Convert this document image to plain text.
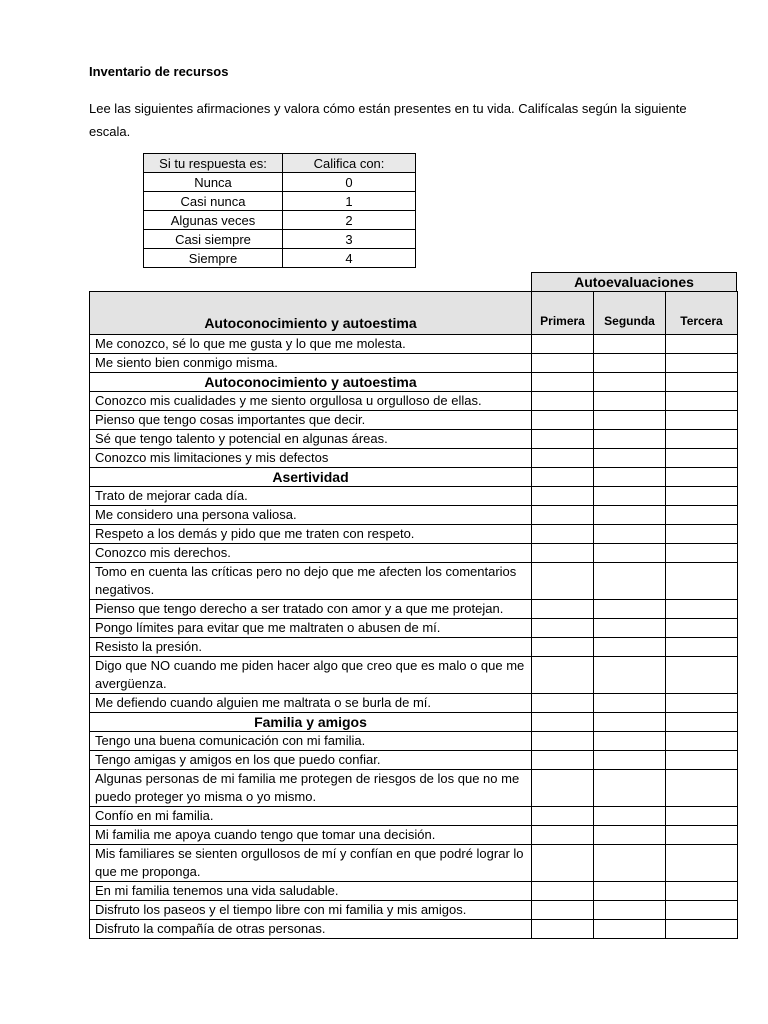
Inventario de recursos
Lee las siguientes afirmaciones y valora cómo están presentes en tu vida. Califícalas según la siguiente escala.
Si tu respuesta es:	Califica con:
Nunca	0
Casi nunca	1
Algunas veces	2
Casi siempre	3
Siempre	4
Autoevaluaciones
Autoconocimiento y autoestima	Primera	Segunda	Tercera
Me conozco, sé lo que me gusta y lo que me molesta.			
Me siento bien conmigo misma.			
Autoconocimiento y autoestima			
Conozco mis cualidades y me siento orgullosa u orgulloso de ellas.			
Pienso que tengo cosas importantes que decir.			
Sé que tengo talento y potencial en algunas áreas.			
Conozco mis limitaciones y mis defectos			
Asertividad			
Trato de mejorar cada día.			
Me considero una persona valiosa.			
Respeto a los demás y pido que me traten con respeto.			
Conozco mis derechos.			
Tomo en cuenta las críticas pero no dejo que me afecten los comentarios negativos.			
Pienso que tengo derecho a ser tratado con amor y a que me protejan.			
Pongo límites para evitar que me maltraten o abusen de mí.			
Resisto la presión.			
Digo que NO cuando me piden hacer algo que creo que es malo o que me avergüenza.			
Me defiendo cuando alguien me maltrata o se burla de mí.			
Familia y amigos			
Tengo una buena comunicación con mi familia.			
Tengo amigas y amigos en los que puedo confiar.			
Algunas personas de mi familia me protegen de riesgos de los que no me puedo proteger yo misma o yo mismo.			
Confío en mi familia.			
Mi familia me apoya cuando tengo que tomar una decisión.			
Mis familiares se sienten orgullosos de mí y confían en que podré lograr lo que me proponga.			
En mi familia tenemos una vida saludable.			
Disfruto los paseos y el tiempo libre con mi familia y mis amigos.			
Disfruto la compañía de otras personas.			
